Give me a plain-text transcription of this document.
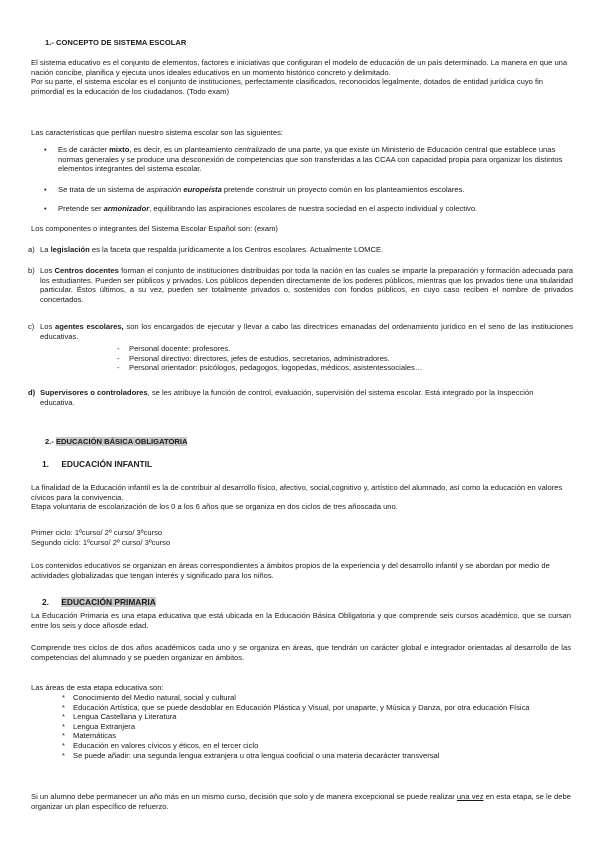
1.- CONCEPTO DE SISTEMA ESCOLAR

El sistema educativo es el conjunto de elementos, factores e iniciativas que configuran el modelo de educación de un país determinado. La manera en que una nación concibe, planifica y ejecuta unos ideales educativos en un momento histórico concreto y delimitado.

Por su parte, el sistema escolar es el conjunto de instituciones, perfectamente clasificados, reconocidos legalmente, dotados de entidad jurídica cuyo fin primordial es la educación de los ciudadanos. (Todo exam)

Las características que perfilan nuestro sistema escolar son las siguientes:

• Es de carácter mixto, es decir, es un planteamiento centralizado de una parte, ya que existe un Ministerio de Educación central que establece unas normas generales y se produce una desconexión de competencias que son transferidas a las CCAA con capacidad propia para organizar los distintos elementos integrantes del sistema escolar.
• Se trata de un sistema de aspiración europeísta pretende construir un proyecto común en los planteamientos escolares.
• Pretende ser armonizador, equilibrando las aspiraciones escolares de nuestra sociedad en el aspecto individual y colectivo.

Los componentes o integrantes del Sistema Escolar Español son: (exam)

a) La legislación es la faceta que respalda jurídicamente a los Centros escolares. Actualmente LOMCE.
b) Los Centros docentes forman el conjunto de instituciones distribuidas por toda la nación en las cuales se imparte la preparación y formación adecuada para los estudiantes. Pueden ser públicos y privados. Los públicos dependen directamente de los poderes públicos, mientras que los privados tiene una titularidad particular. Éstos últimos, a su vez, pueden ser totalmente privados o, sostenidos con fondos públicos, en cuyo caso reciben el nombre de privados concertados.
c) Los agentes escolares, son los encargados de ejecutar y llevar a cabo las directrices emanadas del ordenamiento jurídico en el seno de las instituciones educativas.
- Personal docente: profesores.
- Personal directivo: directores, jefes de estudios, secretarios, administradores.
- Personal orientador: psicólogos, pedagogos, logopedas, médicos, asistentessociales…
d) Supervisores o controladores, se les atribuye la función de control, evaluación, supervisión del sistema escolar. Está integrado por la Inspección educativa.
2.- EDUCACIÓN BÁSICA OBLIGATORIA
1. EDUCACIÓN INFANTIL

La finalidad de la Educación infantil es la de contribuir al desarrollo físico, afectivo, social,cognitivo y, artístico del alumnado, así como la educación en valores cívicos para la convivencia.

Etapa voluntaria de escolarización de los 0 a los 6 años que se organiza en dos ciclos de tres añoscada uno.

Primer ciclo: 1ºcurso/ 2º curso/ 3ºcurso

Segundo ciclo: 1ºcurso/ 2º curso/ 3ºcurso

Los contenidos educativos se organizan en áreas correspondientes a ámbitos propios de la experiencia y del desarrollo infantil y se abordan por medio de actividades globalizadas que tengan interés y significado para los niños.

2. EDUCACIÓN PRIMARIA

La Educación Primaria es una etapa educativa que está ubicada en la Educación Básica Obligatoria y que comprende seis cursos académico, que se cursan entre los seis y doce añosde edad.

Comprende tres ciclos de dos años académicos cada uno y se organiza en áreas, que tendrán un carácter global e integrador orientadas al desarrollo de las competencias del alumnado y se pueden organizar en ámbitos.

Las áreas de esta etapa educativa son:

* Conocimiento del Medio natural, social y cultural
* Educación Artística, que se puede desdoblar en Educación Plástica y Visual, por unaparte, y Música y Danza, por otra educación Física
* Lengua Castellana y Literatura
* Lengua Extranjera
* Matemáticas
* Educación en valores cívicos y éticos, en el tercer ciclo
* Se puede añadir: una segunda lengua extranjera u otra lengua cooficial o una materia decarácter transversal

Si un alumno debe permanecer un año más en un mismo curso, decisión que solo y de manera excepcional se puede realizar una vez en esta etapa, se le debe organizar un plan específico de refuerzo.
